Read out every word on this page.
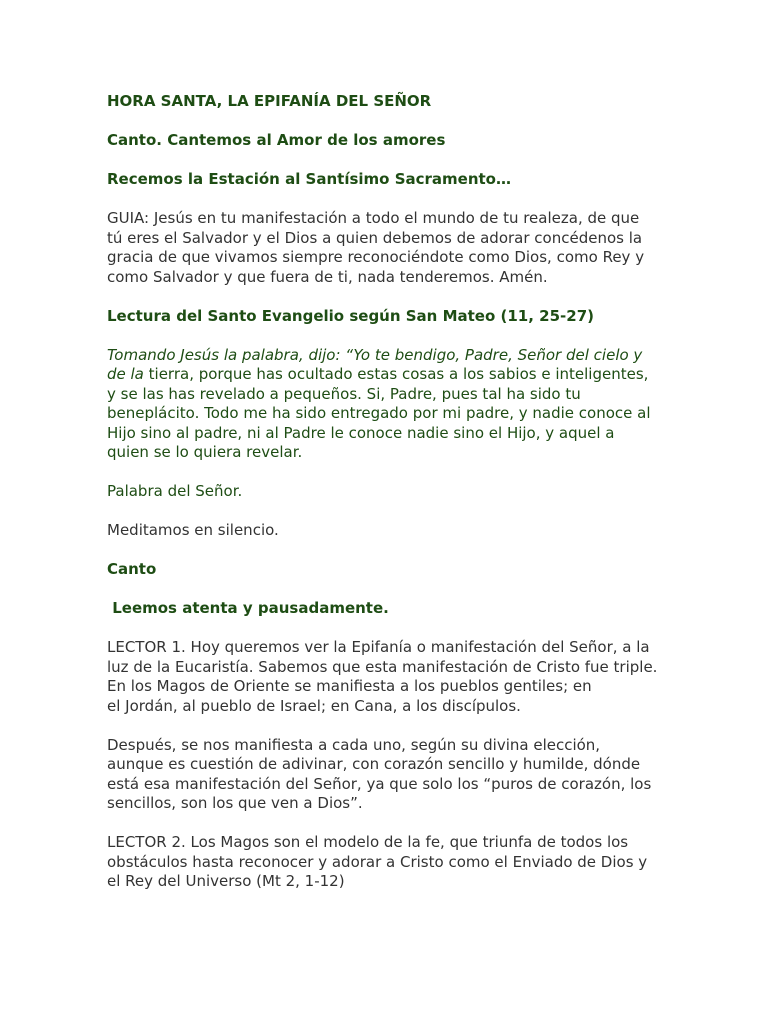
HORA SANTA, LA EPIFANÍA DEL SEÑOR

Canto. Cantemos al Amor de los amores

Recemos la Estación al Santísimo Sacramento…

GUIA: Jesús en tu manifestación a todo el mundo de tu realeza, de que
tú eres el Salvador y el Dios a quien debemos de adorar concédenos la
gracia de que vivamos siempre reconociéndote como Dios, como Rey y
como Salvador y que fuera de ti, nada tenderemos. Amén.

Lectura del Santo Evangelio según San Mateo (11, 25-27)

Tomando Jesús la palabra, dijo: “Yo te bendigo, Padre, Señor del cielo y
de la tierra, porque has ocultado estas cosas a los sabios e inteligentes,
y se las has revelado a pequeños. Si, Padre, pues tal ha sido tu
beneplácito. Todo me ha sido entregado por mi padre, y nadie conoce al
Hijo sino al padre, ni al Padre le conoce nadie sino el Hijo, y aquel a
quien se lo quiera revelar.

Palabra del Señor.

Meditamos en silencio.

Canto

Leemos atenta y pausadamente.

LECTOR 1. Hoy queremos ver la Epifanía o manifestación del Señor, a la
luz de la Eucaristía. Sabemos que esta manifestación de Cristo fue triple.
En los Magos de Oriente se manifiesta a los pueblos gentiles; en
el Jordán, al pueblo de Israel; en Cana, a los discípulos.
Después, se nos manifiesta a cada uno, según su divina elección,
aunque es cuestión de adivinar, con corazón sencillo y humilde, dónde
está esa manifestación del Señor, ya que solo los “puros de corazón, los
sencillos, son los que ven a Dios”.
LECTOR 2. Los Magos son el modelo de la fe, que triunfa de todos los
obstáculos hasta reconocer y adorar a Cristo como el Enviado de Dios y
el Rey del Universo (Mt 2, 1-12)
